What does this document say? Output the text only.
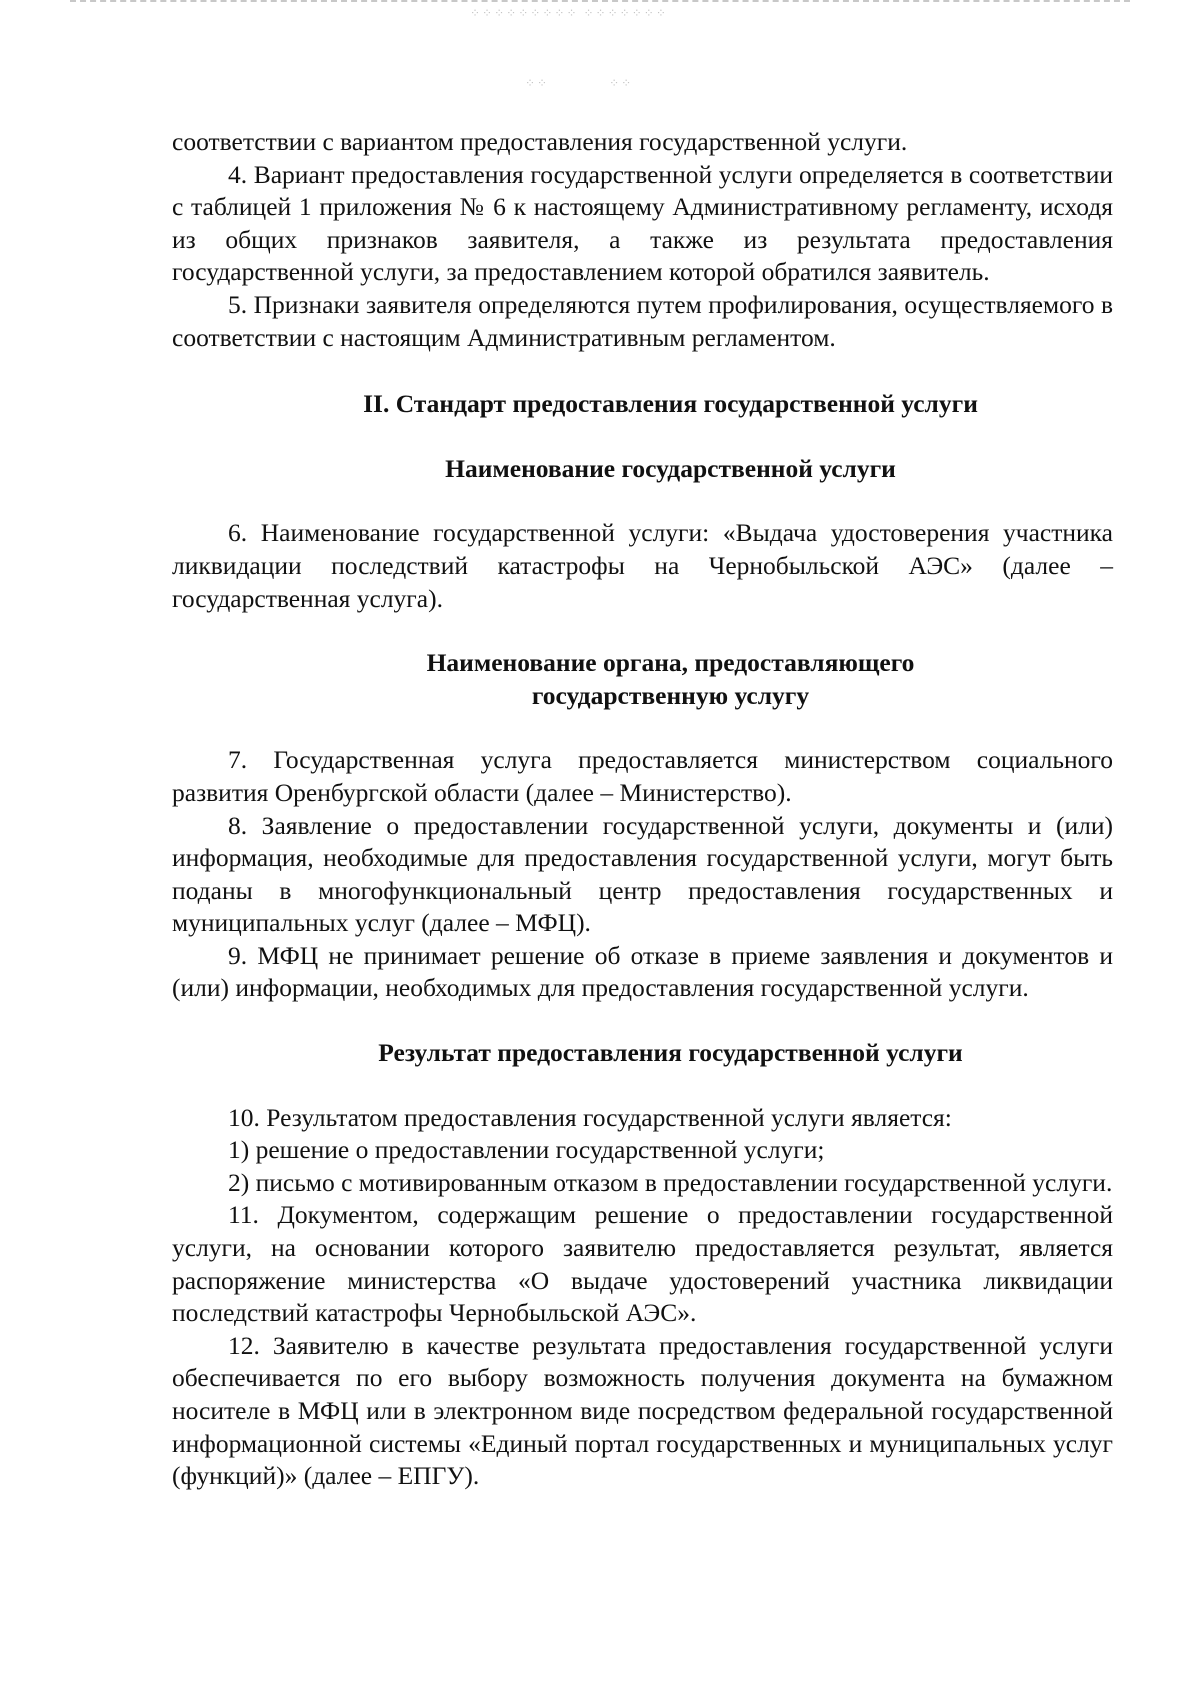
⁘⁘⁘⁘⁘⁘⁘⁘⁘ ⁘⁘⁘⁘⁘⁘⁘
⁘⁘            ⁘⁘

соответствии с вариантом предоставления государственной услуги.

4. Вариант предоставления государственной услуги определяется в соответствии с таблицей 1 приложения № 6 к настоящему Административному регламенту, исходя из общих признаков заявителя, а также из результата предоставления государственной услуги, за предоставлением которой обратился заявитель.

5. Признаки заявителя определяются путем профилирования, осуществляемого в соответствии с настоящим Административным регламентом.

II. Стандарт предоставления государственной услуги

Наименование государственной услуги

6. Наименование государственной услуги: «Выдача удостоверения участника ликвидации последствий катастрофы на Чернобыльской АЭС» (далее – государственная услуга).

Наименование органа, предоставляющего

государственную услугу

7. Государственная услуга предоставляется министерством социального развития Оренбургской области (далее – Министерство).

8. Заявление о предоставлении государственной услуги, документы и (или) информация, необходимые для предоставления государственной услуги, могут быть поданы в многофункциональный центр предоставления государственных и муниципальных услуг (далее – МФЦ).

9. МФЦ не принимает решение об отказе в приеме заявления и документов и (или) информации, необходимых для предоставления государственной услуги.

Результат предоставления государственной услуги

10. Результатом предоставления государственной услуги является:

1) решение о предоставлении государственной услуги;

2) письмо с мотивированным отказом в предоставлении государственной услуги.

11. Документом, содержащим решение о предоставлении государственной услуги, на основании которого заявителю предоставляется результат, является распоряжение министерства «О выдаче удостоверений участника ликвидации последствий катастрофы Чернобыльской АЭС».

12. Заявителю в качестве результата предоставления государственной услуги обеспечивается по его выбору возможность получения документа на бумажном носителе в МФЦ или в электронном виде посредством федеральной государственной информационной системы «Единый портал государственных и муниципальных услуг (функций)» (далее – ЕПГУ).
